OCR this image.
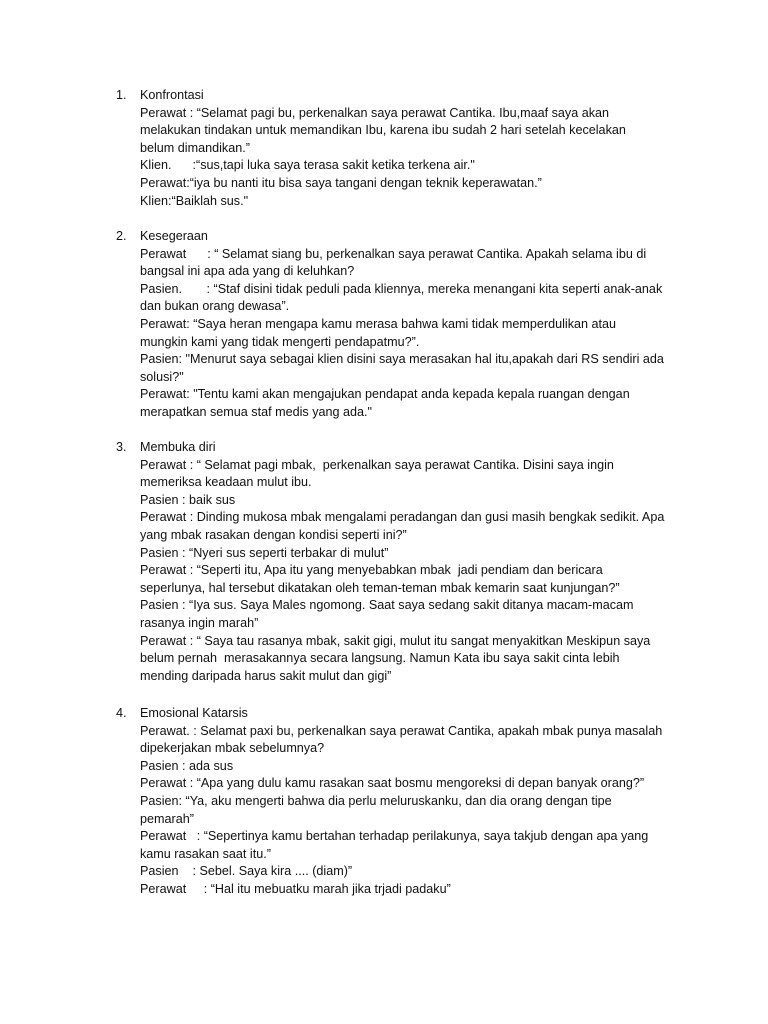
1. Konfrontasi

Perawat : “Selamat pagi bu, perkenalkan saya perawat Cantika. Ibu,maaf saya akan

melakukan tindakan untuk memandikan Ibu, karena ibu sudah 2 hari setelah kecelakan

belum dimandikan.”

Klien.      :“sus,tapi luka saya terasa sakit ketika terkena air."

Perawat:“iya bu nanti itu bisa saya tangani dengan teknik keperawatan.”

Klien:“Baiklah sus."

2. Kesegeraan

Perawat      : “ Selamat siang bu, perkenalkan saya perawat Cantika. Apakah selama ibu di

bangsal ini apa ada yang di keluhkan?

Pasien.       : “Staf disini tidak peduli pada kliennya, mereka menangani kita seperti anak-anak

dan bukan orang dewasa”.

Perawat: “Saya heran mengapa kamu merasa bahwa kami tidak memperdulikan atau

mungkin kami yang tidak mengerti pendapatmu?”.

Pasien: "Menurut saya sebagai klien disini saya merasakan hal itu,apakah dari RS sendiri ada

solusi?"

Perawat: "Tentu kami akan mengajukan pendapat anda kepada kepala ruangan dengan

merapatkan semua staf medis yang ada."

3. Membuka diri

Perawat : “ Selamat pagi mbak,  perkenalkan saya perawat Cantika. Disini saya ingin

memeriksa keadaan mulut ibu.

Pasien : baik sus

Perawat : Dinding mukosa mbak mengalami peradangan dan gusi masih bengkak sedikit. Apa

yang mbak rasakan dengan kondisi seperti ini?”

Pasien : “Nyeri sus seperti terbakar di mulut”

Perawat : “Seperti itu, Apa itu yang menyebabkan mbak  jadi pendiam dan bericara

seperlunya, hal tersebut dikatakan oleh teman-teman mbak kemarin saat kunjungan?”

Pasien : “Iya sus. Saya Males ngomong. Saat saya sedang sakit ditanya macam-macam

rasanya ingin marah”

Perawat : “ Saya tau rasanya mbak, sakit gigi, mulut itu sangat menyakitkan Meskipun saya

belum pernah  merasakannya secara langsung. Namun Kata ibu saya sakit cinta lebih

mending daripada harus sakit mulut dan gigi”

4. Emosional Katarsis

Perawat. : Selamat paxi bu, perkenalkan saya perawat Cantika, apakah mbak punya masalah

dipekerjakan mbak sebelumnya?

Pasien : ada sus

Perawat : “Apa yang dulu kamu rasakan saat bosmu mengoreksi di depan banyak orang?”

Pasien: “Ya, aku mengerti bahwa dia perlu meluruskanku, dan dia orang dengan tipe

pemarah”

Perawat   : “Sepertinya kamu bertahan terhadap perilakunya, saya takjub dengan apa yang

kamu rasakan saat itu.”

Pasien    : Sebel. Saya kira .... (diam)”

Perawat     : “Hal itu mebuatku marah jika trjadi padaku”
